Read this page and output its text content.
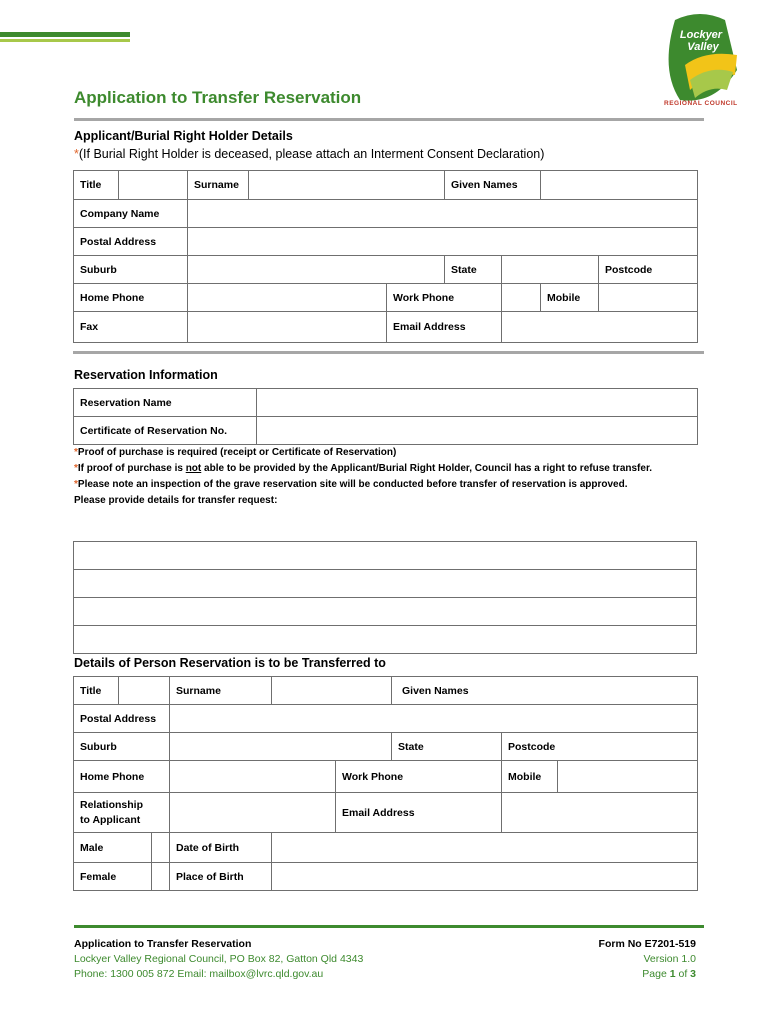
Lockyer
Valley
REGIONAL COUNCIL
Application to Transfer Reservation
Applicant/Burial Right Holder Details
*(If Burial Right Holder is deceased, please attach an Interment Consent Declaration)
Title		Surname			Given Names			
Company Name								
Postal Address								
Suburb					State			Postcode
Home Phone				Work Phone			Mobile	
Fax				Email Address				
Reservation Information
Reservation Name	
Certificate of Reservation No.	
*Proof of purchase is required (receipt or Certificate of Reservation)
*If proof of purchase is not able to be provided by the Applicant/Burial Right Holder, Council has a right to refuse transfer.
*Please note an inspection of the grave reservation site will be conducted before transfer of reservation is approved.
Please provide details for transfer request:

Details of Person Reservation is to be Transferred to
Title			Surname			Given Names		
Postal Address								
Suburb						State	Postcode	
Home Phone					Work Phone		Mobile	

Relationship
to Applicant					Email Address			
Male			Date of Birth					
Female			Place of Birth					
Application to Transfer Reservation
Lockyer Valley Regional Council, PO Box 82, Gatton Qld 4343
Phone: 1300 005 872 Email: mailbox@lvrc.qld.gov.au
Form No E7201-519
Version 1.0
Page 1 of 3
